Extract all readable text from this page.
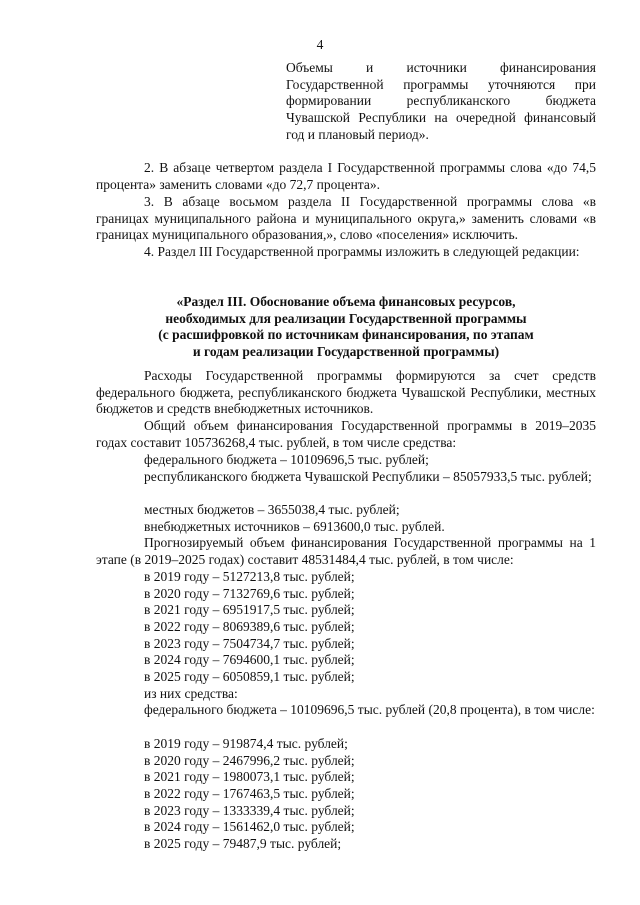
4
Объемы и источники финансирования Государственной программы уточняются при формировании республиканского бюджета Чувашской Республики на очередной финансовый год и плановый период».
2. В абзаце четвертом раздела I Государственной программы слова «до 74,5 процента» заменить словами «до 72,7 процента».
3. В абзаце восьмом раздела II Государственной программы слова «в границах муниципального района и муниципального округа,» заменить словами «в границах муниципального образования,», слово «поселения» исключить.
4. Раздел III Государственной программы изложить в следующей редакции:
«Раздел III. Обоснование объема финансовых ресурсов,
необходимых для реализации Государственной программы
(с расшифровкой по источникам финансирования, по этапам
и годам реализации Государственной программы)
Расходы Государственной программы формируются за счет средств федерального бюджета, республиканского бюджета Чувашской Республики, местных бюджетов и средств внебюджетных источников.
Общий объем финансирования Государственной программы в 2019–2035 годах составит 105736268,4 тыс. рублей, в том числе средства:
федерального бюджета – 10109696,5 тыс. рублей;
республиканского бюджета Чувашской Республики – 85057933,5 тыс. рублей;
местных бюджетов – 3655038,4 тыс. рублей;
внебюджетных источников – 6913600,0 тыс. рублей.
Прогнозируемый объем финансирования Государственной программы на 1 этапе (в 2019–2025 годах) составит 48531484,4 тыс. рублей, в том числе:
в 2019 году – 5127213,8 тыс. рублей;
в 2020 году – 7132769,6 тыс. рублей;
в 2021 году – 6951917,5 тыс. рублей;
в 2022 году – 8069389,6 тыс. рублей;
в 2023 году – 7504734,7 тыс. рублей;
в 2024 году – 7694600,1 тыс. рублей;
в 2025 году – 6050859,1 тыс. рублей;
из них средства:
федерального бюджета – 10109696,5 тыс. рублей (20,8 процента), в том числе:
в 2019 году – 919874,4 тыс. рублей;
в 2020 году – 2467996,2 тыс. рублей;
в 2021 году – 1980073,1 тыс. рублей;
в 2022 году – 1767463,5 тыс. рублей;
в 2023 году – 1333339,4 тыс. рублей;
в 2024 году – 1561462,0 тыс. рублей;
в 2025 году – 79487,9 тыс. рублей;
